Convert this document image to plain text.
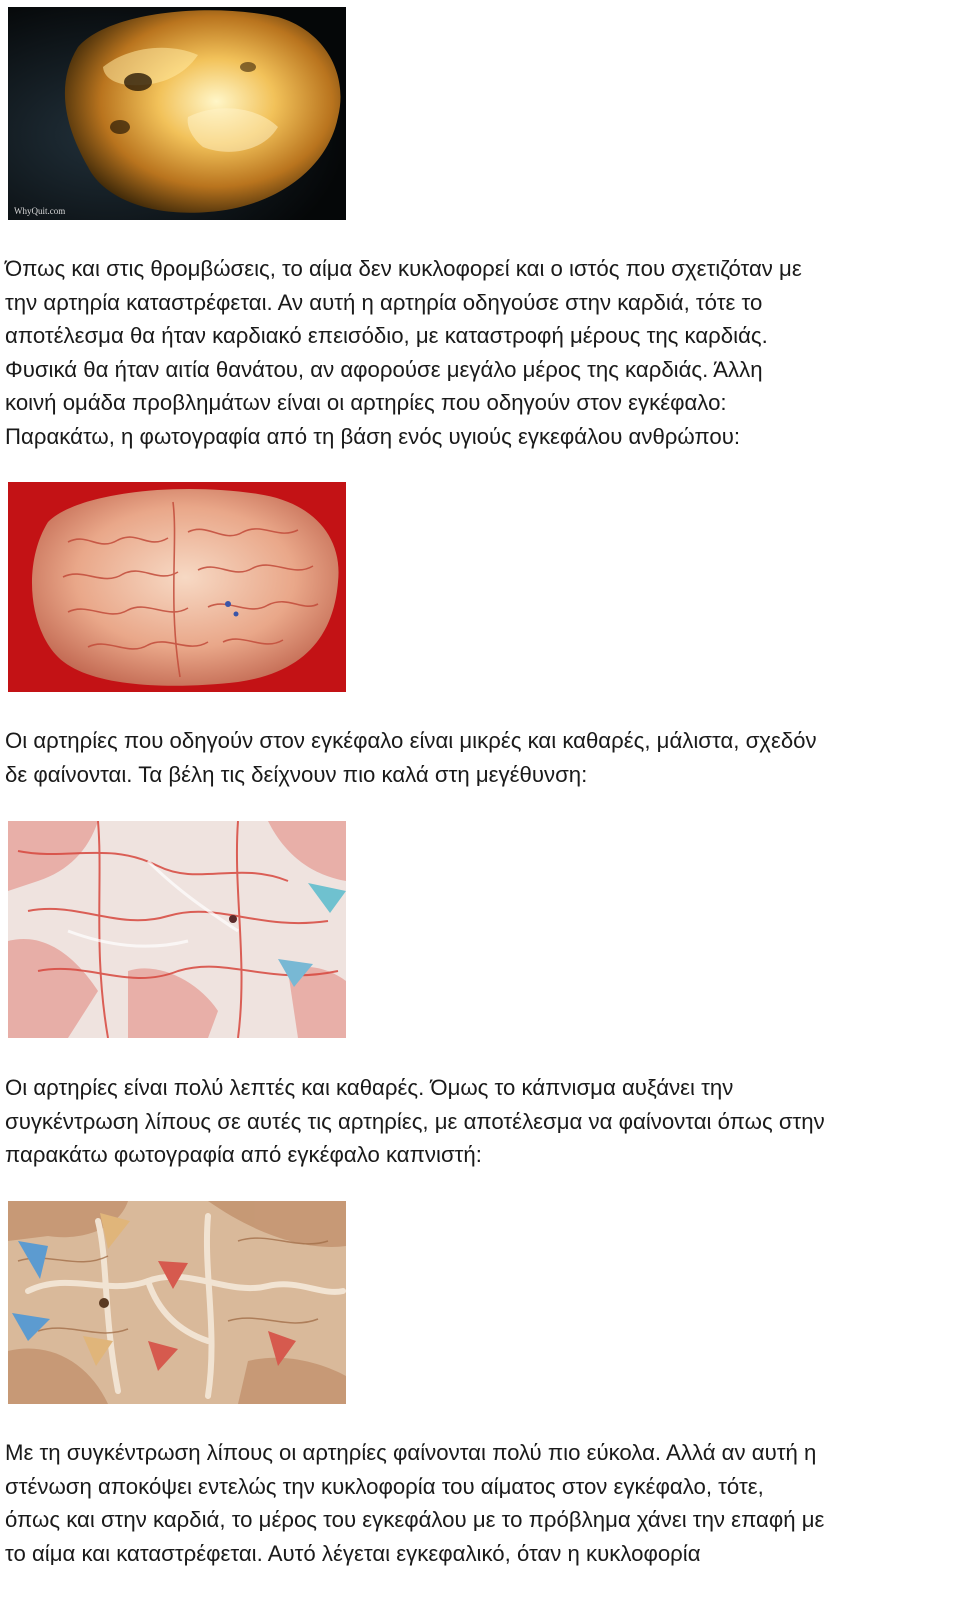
WhyQuit.com

Όπως και στις θρομβώσεις, το αίμα δεν κυκλοφορεί και ο ιστός που σχετιζόταν με
την αρτηρία καταστρέφεται. Αν αυτή η αρτηρία οδηγούσε στην καρδιά, τότε το
αποτέλεσμα θα ήταν καρδιακό επεισόδιο, με καταστροφή μέρους της καρδιάς.
Φυσικά θα ήταν αιτία θανάτου, αν αφορούσε μεγάλο μέρος της καρδιάς. Άλλη
κοινή ομάδα προβλημάτων είναι οι αρτηρίες που οδηγούν στον εγκέφαλο:
Παρακάτω, η φωτογραφία από τη βάση ενός υγιούς εγκεφάλου ανθρώπου:

Οι αρτηρίες που οδηγούν στον εγκέφαλο είναι μικρές και καθαρές, μάλιστα, σχεδόν
δε φαίνονται. Τα βέλη τις δείχνουν πιο καλά στη μεγέθυνση:

Οι αρτηρίες είναι πολύ λεπτές και καθαρές. Όμως το κάπνισμα αυξάνει την
συγκέντρωση λίπους σε αυτές τις αρτηρίες, με αποτέλεσμα να φαίνονται όπως στην
παρακάτω φωτογραφία από εγκέφαλο καπνιστή:

Με τη συγκέντρωση λίπους οι αρτηρίες φαίνονται πολύ πιο εύκολα. Αλλά αν αυτή η
στένωση αποκόψει εντελώς την κυκλοφορία του αίματος στον εγκέφαλο, τότε,
όπως και στην καρδιά, το μέρος του εγκεφάλου με το πρόβλημα χάνει την επαφή με
το αίμα και καταστρέφεται. Αυτό λέγεται εγκεφαλικό, όταν η κυκλοφορία
